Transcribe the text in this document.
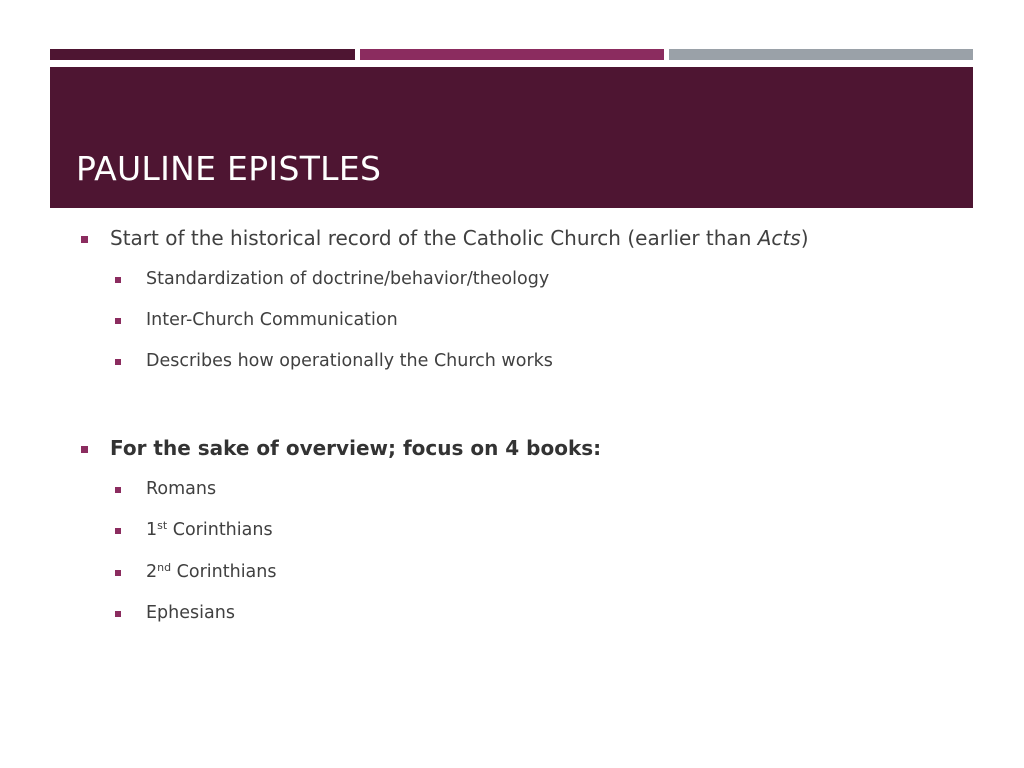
PAULINE EPISTLES
Start of the historical record of the Catholic Church (earlier than Acts)
Standardization of doctrine/behavior/theology
Inter-Church Communication
Describes how operationally the Church works
For the sake of overview; focus on 4 books:
Romans
1st Corinthians
2nd Corinthians
Ephesians
